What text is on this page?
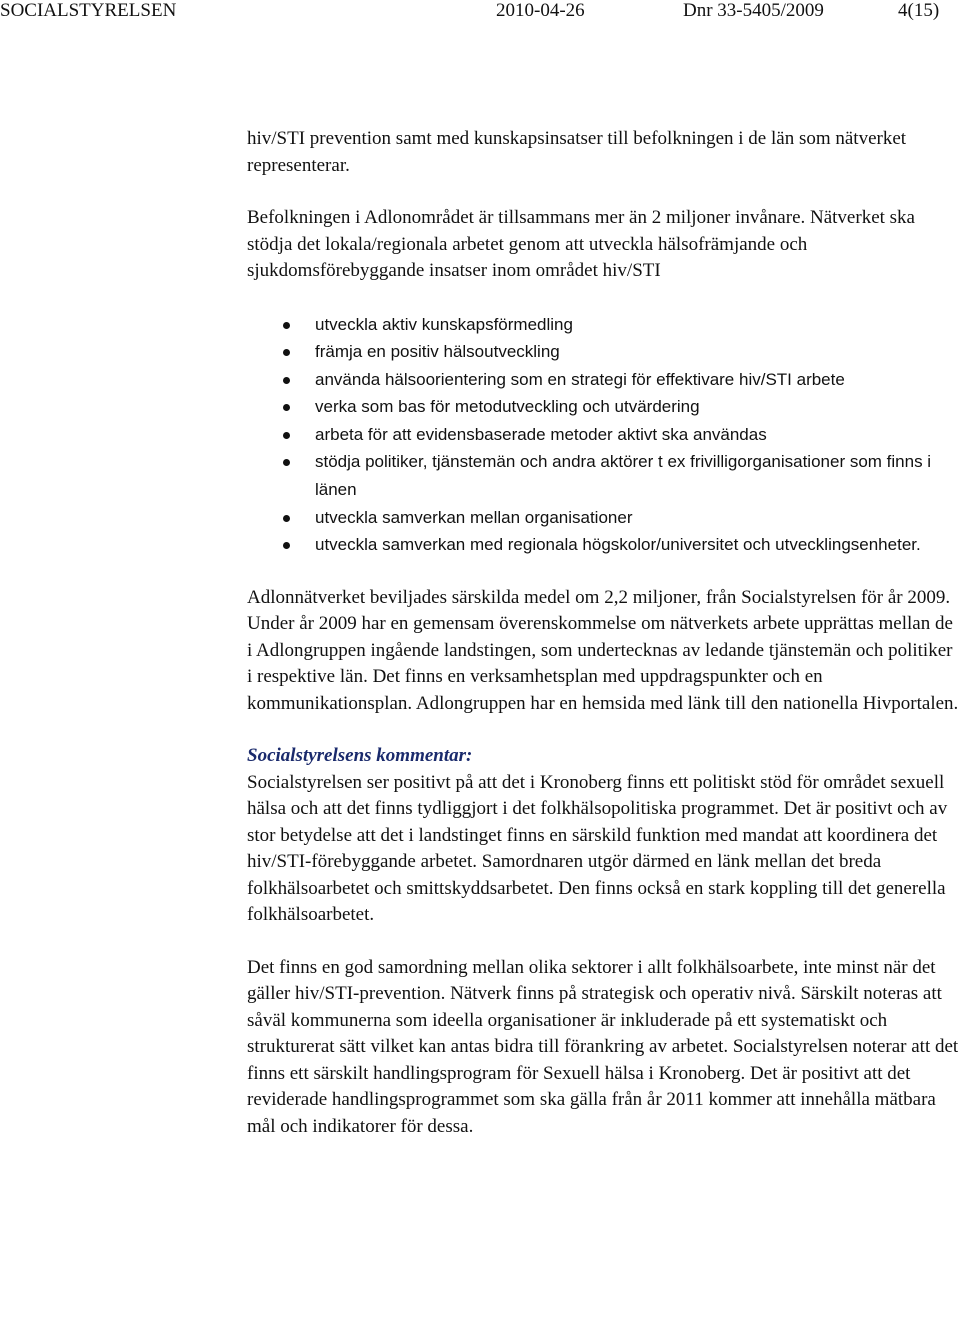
SOCIALSTYRELSEN	2010-04-26	Dnr 33-5405/2009	4(15)

hiv/STI prevention samt med kunskapsinsatser till befolkningen i de län som nätverket representerar.

Befolkningen i Adlonområdet är tillsammans mer än 2 miljoner invånare. Nätverket ska stödja det lokala/regionala arbetet genom att utveckla hälsofrämjande och sjukdomsförebyggande insatser inom området hiv/STI

utveckla aktiv kunskapsförmedling
främja en positiv hälsoutveckling
använda hälsoorientering som en strategi för effektivare hiv/STI arbete
verka som bas för metodutveckling och utvärdering
arbeta för att evidensbaserade metoder aktivt ska användas
stödja politiker, tjänstemän och andra aktörer t ex frivilligorganisationer som finns i länen
utveckla samverkan mellan organisationer
utveckla samverkan med regionala högskolor/universitet och utvecklingsenheter.

Adlonnätverket beviljades särskilda medel om 2,2 miljoner, från Socialstyrelsen för år 2009. Under år 2009 har en gemensam överenskommelse om nätverkets arbete upprättas mellan de i Adlongruppen ingående landstingen, som undertecknas av ledande tjänstemän och politiker i respektive län. Det finns en verksamhetsplan med uppdragspunkter och en kommunikationsplan. Adlongruppen har en hemsida med länk till den nationella Hivportalen.

Socialstyrelsens kommentar:

Socialstyrelsen ser positivt på att det i Kronoberg finns ett politiskt stöd för området sexuell hälsa och att det finns tydliggjort i det folkhälsopolitiska programmet. Det är positivt och av stor betydelse att det i landstinget finns en särskild funktion med mandat att koordinera det hiv/STI-förebyggande arbetet. Samordnaren utgör därmed en länk mellan det breda folkhälsoarbetet och smittskyddsarbetet. Den finns också en stark koppling till det generella folkhälsoarbetet.

Det finns en god samordning mellan olika sektorer i allt folkhälsoarbete, inte minst när det gäller hiv/STI-prevention. Nätverk finns på strategisk och operativ nivå. Särskilt noteras att såväl kommunerna som ideella organisationer är inkluderade på ett systematiskt och strukturerat sätt vilket kan antas bidra till förankring av arbetet. Socialstyrelsen noterar att det finns ett särskilt handlingsprogram för Sexuell hälsa i Kronoberg. Det är positivt att det reviderade handlingsprogrammet som ska gälla från år 2011 kommer att innehålla mätbara mål och indikatorer för dessa.
